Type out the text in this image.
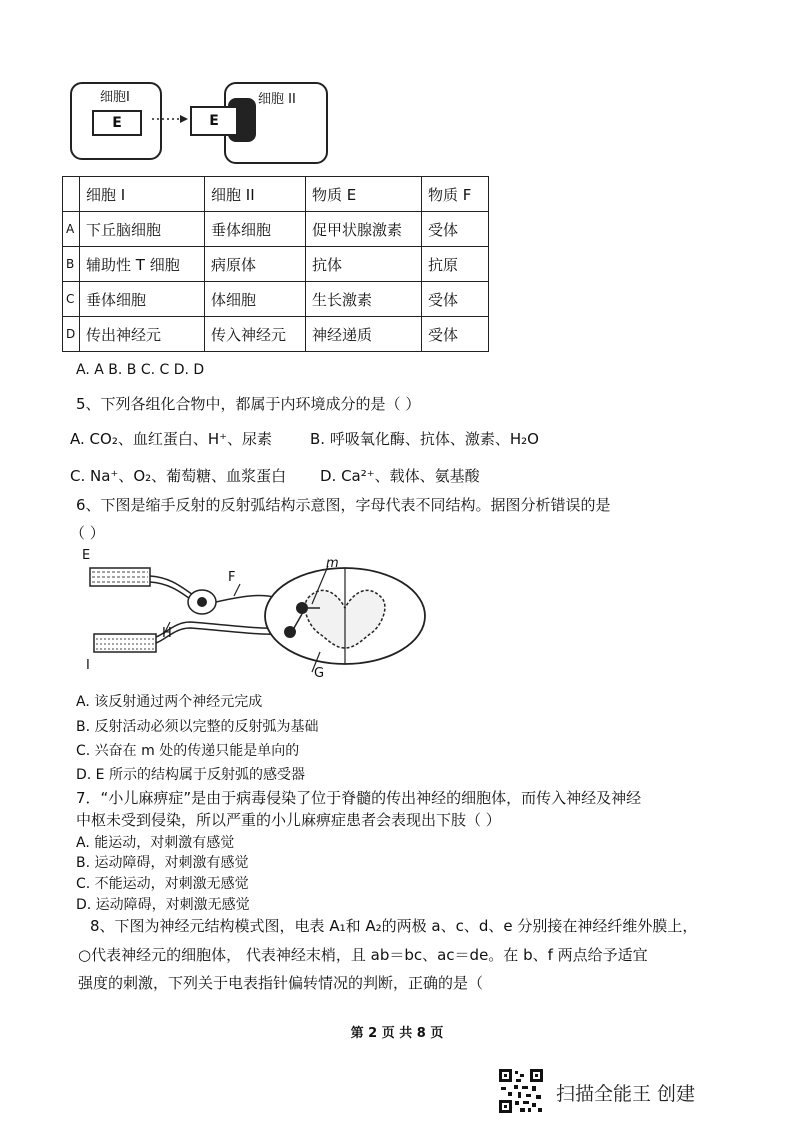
细胞I
E
细胞 II
E
	细胞 I	细胞 II	物质 E	物质 F
A	下丘脑细胞	垂体细胞	促甲状腺激素	受体
B	辅助性 T 细胞	病原体	抗体	抗原
C	垂体细胞	体细胞	生长激素	受体
D	传出神经元	传入神经元	神经递质	受体
A. A B. B C. C D. D
5、下列各组化合物中，都属于内环境成分的是（ ）
A. CO₂、血红蛋白、H⁺、尿素	B. 呼吸氧化酶、抗体、激素、H₂O
C. Na⁺、O₂、葡萄糖、血浆蛋白 D. Ca²⁺、载体、氨基酸
6、下图是缩手反射的反射弧结构示意图，字母代表不同结构。据图分析错误的是
（ ）
E
F
m
H
I
G
A. 该反射通过两个神经元完成
B. 反射活动必须以完整的反射弧为基础
C. 兴奋在 m 处的传递只能是单向的
D. E 所示的结构属于反射弧的感受器
7．“小儿麻痹症”是由于病毒侵染了位于脊髓的传出神经的细胞体，而传入神经及神经
中枢未受到侵染，所以严重的小儿麻痹症患者会表现出下肢（ ）
A. 能运动，对刺激有感觉
B. 运动障碍，对刺激有感觉
C. 不能运动，对刺激无感觉
D. 运动障碍，对刺激无感觉
8、下图为神经元结构模式图，电表 A₁和 A₂的两极 a、c、d、e 分别接在神经纤维外膜上，
○代表神经元的细胞体， 代表神经末梢，且 ab＝bc、ac＝de。在 b、f 两点给予适宜
强度的刺激，下列关于电表指针偏转情况的判断，正确的是（
第 2 页 共 8 页
扫描全能王 创建
